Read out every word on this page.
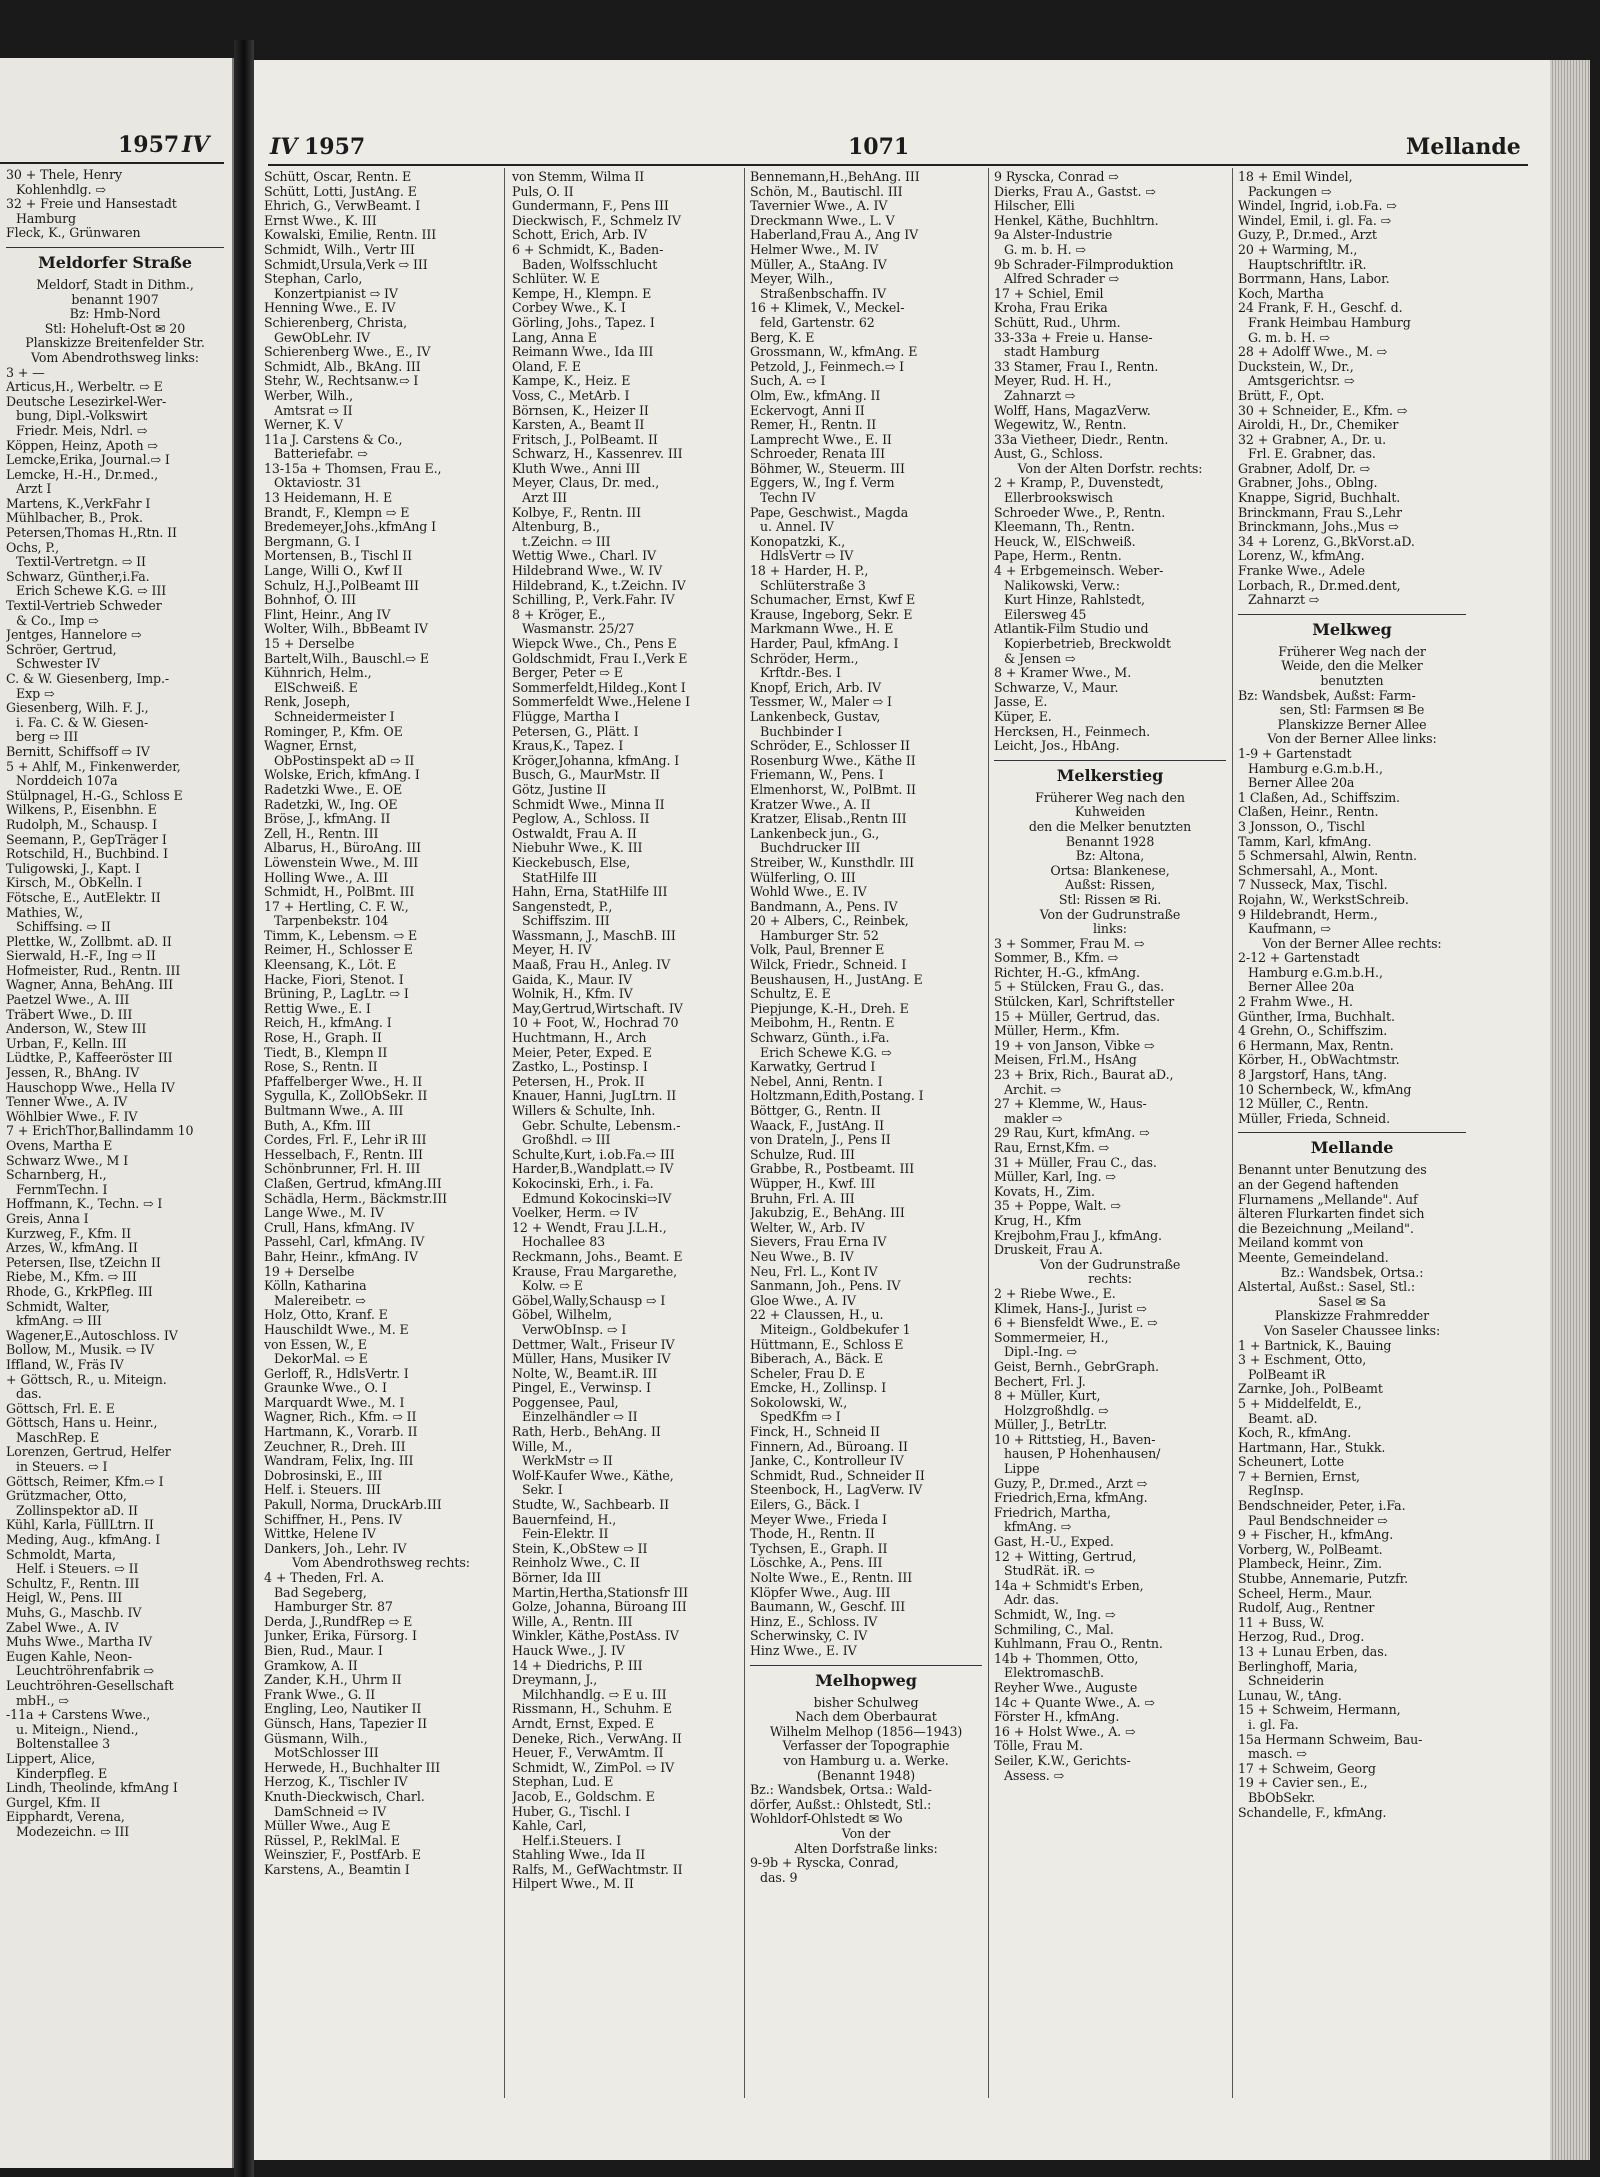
1957 IV
30 + Thele, Henry
Kohlenhdlg. ⇨
32 + Freie und Hansestadt
Hamburg
Fleck, K., Grünwaren
Meldorfer Straße
Meldorf, Stadt in Dithm.,
benannt 1907
Bz: Hmb-Nord
Stl: Hoheluft-Ost ✉ 20
Planskizze Breitenfelder Str.
Vom Abendrothsweg links:
3 + —
Articus,H., Werbeltr. ⇨ E
Deutsche Lesezirkel-Wer-
bung, Dipl.-Volkswirt
Friedr. Meis, Ndrl. ⇨
Köppen, Heinz, Apoth ⇨
Lemcke,Erika, Journal.⇨ I
Lemcke, H.-H., Dr.med.,
Arzt I
Martens, K.,VerkFahr I
Mühlbacher, B., Prok.
Petersen,Thomas H.,Rtn. II
Ochs, P.,
Textil-Vertretgn. ⇨ II
Schwarz, Günther,i.Fa.
Erich Schewe K.G. ⇨ III
Textil-Vertrieb Schweder
& Co., Imp ⇨
Jentges, Hannelore ⇨
Schröer, Gertrud,
Schwester IV
C. & W. Giesenberg, Imp.-
Exp ⇨
Giesenberg, Wilh. F. J.,
i. Fa. C. & W. Giesen-
berg ⇨ III
Bernitt, Schiffsoff ⇨ IV
5 + Ahlf, M., Finkenwerder,
Norddeich 107a
Stülpnagel, H.-G., Schloss E
Wilkens, P., Eisenbhn. E
Rudolph, M., Schausp. I
Seemann, P., GepTräger I
Rotschild, H., Buchbind. I
Tuligowski, J., Kapt. I
Kirsch, M., ObKelln. I
Fötsche, E., AutElektr. II
Mathies, W.,
Schiffsing. ⇨ II
Plettke, W., Zollbmt. aD. II
Sierwald, H.-F., Ing ⇨ II
Hofmeister, Rud., Rentn. III
Wagner, Anna, BehAng. III
Paetzel Wwe., A. III
Träbert Wwe., D. III
Anderson, W., Stew III
Urban, F., Kelln. III
Lüdtke, P., Kaffeeröster III
Jessen, R., BhAng. IV
Hauschopp Wwe., Hella IV
Tenner Wwe., A. IV
Wöhlbier Wwe., F. IV
7 + ErichThor,Ballindamm 10
Ovens, Martha E
Schwarz Wwe., M I
Scharnberg, H.,
FernmTechn. I
Hoffmann, K., Techn. ⇨ I
Greis, Anna I
Kurzweg, F., Kfm. II
Arzes, W., kfmAng. II
Petersen, Ilse, tZeichn II
Riebe, M., Kfm. ⇨ III
Rhode, G., KrkPfleg. III
Schmidt, Walter,
kfmAng. ⇨ III
Wagener,E.,Autoschloss. IV
Bollow, M., Musik. ⇨ IV
Iffland, W., Fräs IV
+ Göttsch, R., u. Miteign.
das.
Göttsch, Frl. E. E
Göttsch, Hans u. Heinr.,
MaschRep. E
Lorenzen, Gertrud, Helfer
in Steuers. ⇨ I
Göttsch, Reimer, Kfm.⇨ I
Grützmacher, Otto,
Zollinspektor aD. II
Kühl, Karla, FüllLtrn. II
Meding, Aug., kfmAng. I
Schmoldt, Marta,
Helf. i Steuers. ⇨ II
Schultz, F., Rentn. III
Heigl, W., Pens. III
Muhs, G., Maschb. IV
Zabel Wwe., A. IV
Muhs Wwe., Martha IV
Eugen Kahle, Neon-
Leuchtröhrenfabrik ⇨
Leuchtröhren-Gesellschaft
mbH., ⇨
-11a + Carstens Wwe.,
u. Miteign., Niend.,
Boltenstallee 3
Lippert, Alice,
Kinderpfleg. E
Lindh, Theolinde, kfmAng I
Gurgel, Kfm. II
Eipphardt, Verena,
Modezeichn. ⇨ III
IV 1957	1071	Mellande
Schütt, Oscar, Rentn. E
Schütt, Lotti, JustAng. E
Ehrich, G., VerwBeamt. I
Ernst Wwe., K. III
Kowalski, Emilie, Rentn. III
Schmidt, Wilh., Vertr III
Schmidt,Ursula,Verk ⇨ III
Stephan, Carlo,
Konzertpianist ⇨ IV
Henning Wwe., E. IV
Schierenberg, Christa,
GewObLehr. IV
Schierenberg Wwe., E., IV
Schmidt, Alb., BkAng. III
Stehr, W., Rechtsanw.⇨ I
Werber, Wilh.,
Amtsrat ⇨ II
Werner, K. V
11a J. Carstens & Co.,
Batteriefabr. ⇨
13-15a + Thomsen, Frau E.,
Oktaviostr. 31
13 Heidemann, H. E
Brandt, F., Klempn ⇨ E
Bredemeyer,Johs.,kfmAng I
Bergmann, G. I
Mortensen, B., Tischl II
Lange, Willi O., Kwf II
Schulz, H.J.,PolBeamt III
Bohnhof, O. III
Flint, Heinr., Ang IV
Wolter, Wilh., BbBeamt IV
15 + Derselbe
Bartelt,Wilh., Bauschl.⇨ E
Kühnrich, Helm.,
ElSchweiß. E
Renk, Joseph,
Schneidermeister I
Rominger, P., Kfm. OE
Wagner, Ernst,
ObPostinspekt aD ⇨ II
Wolske, Erich, kfmAng. I
Radetzki Wwe., E. OE
Radetzki, W., Ing. OE
Bröse, J., kfmAng. II
Zell, H., Rentn. III
Albarus, H., BüroAng. III
Löwenstein Wwe., M. III
Holling Wwe., A. III
Schmidt, H., PolBmt. III
17 + Hertling, C. F. W.,
Tarpenbekstr. 104
Timm, K., Lebensm. ⇨ E
Reimer, H., Schlosser E
Kleensang, K., Löt. E
Hacke, Fiori, Stenot. I
Brüning, P., LagLtr. ⇨ I
Rettig Wwe., E. I
Reich, H., kfmAng. I
Rose, H., Graph. II
Tiedt, B., Klempn II
Rose, S., Rentn. II
Pfaffelberger Wwe., H. II
Sygulla, K., ZollObSekr. II
Bultmann Wwe., A. III
Buth, A., Kfm. III
Cordes, Frl. F., Lehr iR III
Hesselbach, F., Rentn. III
Schönbrunner, Frl. H. III
Claßen, Gertrud, kfmAng.III
Schädla, Herm., Bäckmstr.III
Lange Wwe., M. IV
Crull, Hans, kfmAng. IV
Passehl, Carl, kfmAng. IV
Bahr, Heinr., kfmAng. IV
19 + Derselbe
Kölln, Katharina
Malereibetr. ⇨
Holz, Otto, Kranf. E
Hauschildt Wwe., M. E
von Essen, W., E
DekorMal. ⇨ E
Gerloff, R., HdlsVertr. I
Graunke Wwe., O. I
Marquardt Wwe., M. I
Wagner, Rich., Kfm. ⇨ II
Hartmann, K., Vorarb. II
Zeuchner, R., Dreh. III
Wandram, Felix, Ing. III
Dobrosinski, E., III
Helf. i. Steuers. III
Pakull, Norma, DruckArb.III
Schiffner, H., Pens. IV
Wittke, Helene IV
Dankers, Joh., Lehr. IV
Vom Abendrothsweg rechts:
4 + Theden, Frl. A.
Bad Segeberg,
Hamburger Str. 87
Derda, J.,RundfRep ⇨ E
Junker, Erika, Fürsorg. I
Bien, Rud., Maur. I
Gramkow, A. II
Zander, K.H., Uhrm II
Frank Wwe., G. II
Engling, Leo, Nautiker II
Günsch, Hans, Tapezier II
Güsmann, Wilh.,
MotSchlosser III
Herwede, H., Buchhalter III
Herzog, K., Tischler IV
Knuth-Dieckwisch, Charl.
DamSchneid ⇨ IV
Müller Wwe., Aug E
Rüssel, P., ReklMal. E
Weinszier, F., PostfArb. E
Karstens, A., Beamtin I
von Stemm, Wilma II
Puls, O. II
Gundermann, F., Pens III
Dieckwisch, F., Schmelz IV
Schott, Erich, Arb. IV
6 + Schmidt, K., Baden-
Baden, Wolfsschlucht
Schlüter. W. E
Kempe, H., Klempn. E
Corbey Wwe., K. I
Görling, Johs., Tapez. I
Lang, Anna E
Reimann Wwe., Ida III
Oland, F. E
Kampe, K., Heiz. E
Voss, C., MetArb. I
Börnsen, K., Heizer II
Karsten, A., Beamt II
Fritsch, J., PolBeamt. II
Schwarz, H., Kassenrev. III
Kluth Wwe., Anni III
Meyer, Claus, Dr. med.,
Arzt III
Kolbye, F., Rentn. III
Altenburg, B.,
t.Zeichn. ⇨ III
Wettig Wwe., Charl. IV
Hildebrand Wwe., W. IV
Hildebrand, K., t.Zeichn. IV
Schilling, P., Verk.Fahr. IV
8 + Kröger, E.,
Wasmanstr. 25/27
Wiepck Wwe., Ch., Pens E
Goldschmidt, Frau I.,Verk E
Berger, Peter ⇨ E
Sommerfeldt,Hildeg.,Kont I
Sommerfeldt Wwe.,Helene I
Flügge, Martha I
Petersen, G., Plätt. I
Kraus,K., Tapez. I
Kröger,Johanna, kfmAng. I
Busch, G., MaurMstr. II
Götz, Justine II
Schmidt Wwe., Minna II
Peglow, A., Schloss. II
Ostwaldt, Frau A. II
Niebuhr Wwe., K. III
Kieckebusch, Else,
StatHilfe III
Hahn, Erna, StatHilfe III
Sangenstedt, P.,
Schiffszim. III
Wassmann, J., MaschB. III
Meyer, H. IV
Maaß, Frau H., Anleg. IV
Gaida, K., Maur. IV
Wolnik, H., Kfm. IV
May,Gertrud,Wirtschaft. IV
10 + Foot, W., Hochrad 70
Huchtmann, H., Arch
Meier, Peter, Exped. E
Zastko, L., Postinsp. I
Petersen, H., Prok. II
Knauer, Hanni, JugLtrn. II
Willers & Schulte, Inh.
Gebr. Schulte, Lebensm.-
Großhdl. ⇨ III
Schulte,Kurt, i.ob.Fa.⇨ III
Harder,B.,Wandplatt.⇨ IV
Kokocinski, Erh., i. Fa.
Edmund Kokocinski⇨IV
Voelker, Herm. ⇨ IV
12 + Wendt, Frau J.L.H.,
Hochallee 83
Reckmann, Johs., Beamt. E
Krause, Frau Margarethe,
Kolw. ⇨ E
Göbel,Wally,Schausp ⇨ I
Göbel, Wilhelm,
VerwObInsp. ⇨ I
Dettmer, Walt., Friseur IV
Müller, Hans, Musiker IV
Nolte, W., Beamt.iR. III
Pingel, E., Verwinsp. I
Poggensee, Paul,
Einzelhändler ⇨ II
Rath, Herb., BehAng. II
Wille, M.,
WerkMstr ⇨ II
Wolf-Kaufer Wwe., Käthe,
Sekr. I
Studte, W., Sachbearb. II
Bauernfeind, H.,
Fein-Elektr. II
Stein, K.,ObStew ⇨ II
Reinholz Wwe., C. II
Börner, Ida III
Martin,Hertha,Stationsfr III
Golze, Johanna, Büroang III
Wille, A., Rentn. III
Winkler, Käthe,PostAss. IV
Hauck Wwe., J. IV
14 + Diedrichs, P. III
Dreymann, J.,
Milchhandlg. ⇨ E u. III
Rissmann, H., Schuhm. E
Arndt, Ernst, Exped. E
Deneke, Rich., VerwAng. II
Heuer, F., VerwAmtm. II
Schmidt, W., ZimPol. ⇨ IV
Stephan, Lud. E
Jacob, E., Goldschm. E
Huber, G., Tischl. I
Kahle, Carl,
Helf.i.Steuers. I
Stahling Wwe., Ida II
Ralfs, M., GefWachtmstr. II
Hilpert Wwe., M. II
Bennemann,H.,BehAng. III
Schön, M., Bautischl. III
Tavernier Wwe., A. IV
Dreckmann Wwe., L. V
Haberland,Frau A., Ang IV
Helmer Wwe., M. IV
Müller, A., StaAng. IV
Meyer, Wilh.,
Straßenbschaffn. IV
16 + Klimek, V., Meckel-
feld, Gartenstr. 62
Berg, K. E
Grossmann, W., kfmAng. E
Petzold, J., Feinmech.⇨ I
Such, A. ⇨ I
Olm, Ew., kfmAng. II
Eckervogt, Anni II
Remer, H., Rentn. II
Lamprecht Wwe., E. II
Schroeder, Renata III
Böhmer, W., Steuerm. III
Eggers, W., Ing f. Verm
Techn IV
Pape, Geschwist., Magda
u. Annel. IV
Konopatzki, K.,
HdlsVertr ⇨ IV
18 + Harder, H. P.,
Schlüterstraße 3
Schumacher, Ernst, Kwf E
Krause, Ingeborg, Sekr. E
Markmann Wwe., H. E
Harder, Paul, kfmAng. I
Schröder, Herm.,
Krftdr.-Bes. I
Knopf, Erich, Arb. IV
Tessmer, W., Maler ⇨ I
Lankenbeck, Gustav,
Buchbinder I
Schröder, E., Schlosser II
Rosenburg Wwe., Käthe II
Friemann, W., Pens. I
Elmenhorst, W., PolBmt. II
Kratzer Wwe., A. II
Kratzer, Elisab.,Rentn III
Lankenbeck jun., G.,
Buchdrucker III
Streiber, W., Kunsthdlr. III
Wülferling, O. III
Wohld Wwe., E. IV
Bandmann, A., Pens. IV
20 + Albers, C., Reinbek,
Hamburger Str. 52
Volk, Paul, Brenner E
Wilck, Friedr., Schneid. I
Beushausen, H., JustAng. E
Schultz, E. E
Piepjunge, K.-H., Dreh. E
Meibohm, H., Rentn. E
Schwarz, Günth., i.Fa.
Erich Schewe K.G. ⇨
Karwatky, Gertrud I
Nebel, Anni, Rentn. I
Holtzmann,Edith,Postang. I
Böttger, G., Rentn. II
Waack, F., JustAng. II
von Drateln, J., Pens II
Schulze, Rud. III
Grabbe, R., Postbeamt. III
Wüpper, H., Kwf. III
Bruhn, Frl. A. III
Jakubzig, E., BehAng. III
Welter, W., Arb. IV
Sievers, Frau Erna IV
Neu Wwe., B. IV
Neu, Frl. L., Kont IV
Sanmann, Joh., Pens. IV
Gloe Wwe., A. IV
22 + Claussen, H., u.
Miteign., Goldbekufer 1
Hüttmann, E., Schloss E
Biberach, A., Bäck. E
Scheler, Frau D. E
Emcke, H., Zollinsp. I
Sokolowski, W.,
SpedKfm ⇨ I
Finck, H., Schneid II
Finnern, Ad., Büroang. II
Janke, C., Kontrolleur IV
Schmidt, Rud., Schneider II
Steenbock, H., LagVerw. IV
Eilers, G., Bäck. I
Meyer Wwe., Frieda I
Thode, H., Rentn. II
Tychsen, E., Graph. II
Löschke, A., Pens. III
Nolte Wwe., E., Rentn. III
Klöpfer Wwe., Aug. III
Baumann, W., Geschf. III
Hinz, E., Schloss. IV
Scherwinsky, C. IV
Hinz Wwe., E. IV
Melhopweg
bisher Schulweg
Nach dem Oberbaurat
Wilhelm Melhop (1856—1943)
Verfasser der Topographie
von Hamburg u. a. Werke.
(Benannt 1948)
Bz.: Wandsbek, Ortsa.: Wald-
dörfer, Außst.: Ohlstedt, Stl.:
Wohldorf-Ohlstedt ✉ Wo
Von der
Alten Dorfstraße links:
9-9b + Ryscka, Conrad,
das. 9
9 Ryscka, Conrad ⇨
Dierks, Frau A., Gastst. ⇨
Hilscher, Elli
Henkel, Käthe, Buchhltrn.
9a Alster-Industrie
G. m. b. H. ⇨
9b Schrader-Filmproduktion
Alfred Schrader ⇨
17 + Schiel, Emil
Kroha, Frau Erika
Schütt, Rud., Uhrm.
33-33a + Freie u. Hanse-
stadt Hamburg
33 Stamer, Frau I., Rentn.
Meyer, Rud. H. H.,
Zahnarzt ⇨
Wolff, Hans, MagazVerw.
Wegewitz, W., Rentn.
33a Vietheer, Diedr., Rentn.
Aust, G., Schloss.
Von der Alten Dorfstr. rechts:
2 + Kramp, P., Duvenstedt,
Ellerbrookswisch
Schroeder Wwe., P., Rentn.
Kleemann, Th., Rentn.
Heuck, W., ElSchweiß.
Pape, Herm., Rentn.
4 + Erbgemeinsch. Weber-
Nalikowski, Verw.:
Kurt Hinze, Rahlstedt,
Eilersweg 45
Atlantik-Film Studio und
Kopierbetrieb, Breckwoldt
& Jensen ⇨
8 + Kramer Wwe., M.
Schwarze, V., Maur.
Jasse, E.
Küper, E.
Hercksen, H., Feinmech.
Leicht, Jos., HbAng.
Melkerstieg
Früherer Weg nach den
Kuhweiden
den die Melker benutzten
Benannt 1928
Bz: Altona,
Ortsa: Blankenese,
Außst: Rissen,
Stl: Rissen ✉ Ri.
Von der Gudrunstraße
links:
3 + Sommer, Frau M. ⇨
Sommer, B., Kfm. ⇨
Richter, H.-G., kfmAng.
5 + Stülcken, Frau G., das.
Stülcken, Karl, Schriftsteller
15 + Müller, Gertrud, das.
Müller, Herm., Kfm.
19 + von Janson, Vibke ⇨
Meisen, Frl.M., HsAng
23 + Brix, Rich., Baurat aD.,
Archit. ⇨
27 + Klemme, W., Haus-
makler ⇨
29 Rau, Kurt, kfmAng. ⇨
Rau, Ernst,Kfm. ⇨
31 + Müller, Frau C., das.
Müller, Karl, Ing. ⇨
Kovats, H., Zim.
35 + Poppe, Walt. ⇨
Krug, H., Kfm
Krejbohm,Frau J., kfmAng.
Druskeit, Frau A.
Von der Gudrunstraße
rechts:
2 + Riebe Wwe., E.
Klimek, Hans-J., Jurist ⇨
6 + Biensfeldt Wwe., E. ⇨
Sommermeier, H.,
Dipl.-Ing. ⇨
Geist, Bernh., GebrGraph.
Bechert, Frl. J.
8 + Müller, Kurt,
Holzgroßhdlg. ⇨
Müller, J., BetrLtr.
10 + Rittstieg, H., Baven-
hausen, P Hohenhausen/
Lippe
Guzy, P., Dr.med., Arzt ⇨
Friedrich,Erna, kfmAng.
Friedrich, Martha,
kfmAng. ⇨
Gast, H.-U., Exped.
12 + Witting, Gertrud,
StudRät. iR. ⇨
14a + Schmidt's Erben,
Adr. das.
Schmidt, W., Ing. ⇨
Schmiling, C., Mal.
Kuhlmann, Frau O., Rentn.
14b + Thommen, Otto,
ElektromaschB.
Reyher Wwe., Auguste
14c + Quante Wwe., A. ⇨
Förster H., kfmAng.
16 + Holst Wwe., A. ⇨
Tölle, Frau M.
Seiler, K.W., Gerichts-
Assess. ⇨
18 + Emil Windel,
Packungen ⇨
Windel, Ingrid, i.ob.Fa. ⇨
Windel, Emil, i. gl. Fa. ⇨
Guzy, P., Dr.med., Arzt
20 + Warming, M.,
Hauptschriftltr. iR.
Borrmann, Hans, Labor.
Koch, Martha
24 Frank, F. H., Geschf. d.
Frank Heimbau Hamburg
G. m. b. H. ⇨
28 + Adolff Wwe., M. ⇨
Duckstein, W., Dr.,
Amtsgerichtsr. ⇨
Brütt, F., Opt.
30 + Schneider, E., Kfm. ⇨
Airoldi, H., Dr., Chemiker
32 + Grabner, A., Dr. u.
Frl. E. Grabner, das.
Grabner, Adolf, Dr. ⇨
Grabner, Johs., Oblng.
Knappe, Sigrid, Buchhalt.
Brinckmann, Frau S.,Lehr
Brinckmann, Johs.,Mus ⇨
34 + Lorenz, G.,BkVorst.aD.
Lorenz, W., kfmAng.
Franke Wwe., Adele
Lorbach, R., Dr.med.dent,
Zahnarzt ⇨
Melkweg
Früherer Weg nach der
Weide, den die Melker
benutzten
Bz: Wandsbek, Außst: Farm-
sen, Stl: Farmsen ✉ Be
Planskizze Berner Allee
Von der Berner Allee links:
1-9 + Gartenstadt
Hamburg e.G.m.b.H.,
Berner Allee 20a
1 Claßen, Ad., Schiffszim.
Claßen, Heinr., Rentn.
3 Jonsson, O., Tischl
Tamm, Karl, kfmAng.
5 Schmersahl, Alwin, Rentn.
Schmersahl, A., Mont.
7 Nusseck, Max, Tischl.
Rojahn, W., WerkstSchreib.
9 Hildebrandt, Herm.,
Kaufmann, ⇨
Von der Berner Allee rechts:
2-12 + Gartenstadt
Hamburg e.G.m.b.H.,
Berner Allee 20a
2 Frahm Wwe., H.
Günther, Irma, Buchhalt.
4 Grehn, O., Schiffszim.
6 Hermann, Max, Rentn.
Körber, H., ObWachtmstr.
8 Jargstorf, Hans, tAng.
10 Schernbeck, W., kfmAng
12 Müller, C., Rentn.
Müller, Frieda, Schneid.
Mellande
Benannt unter Benutzung des
an der Gegend haftenden
Flurnamens „Mellande". Auf
älteren Flurkarten findet sich
die Bezeichnung „Meiland".
Meiland kommt von
Meente, Gemeindeland.
Bz.: Wandsbek, Ortsa.:
Alstertal, Außst.: Sasel, Stl.:
Sasel ✉ Sa
Planskizze Frahmredder
Von Saseler Chaussee links:
1 + Bartnick, K., Bauing
3 + Eschment, Otto,
PolBeamt iR
Zarnke, Joh., PolBeamt
5 + Middelfeldt, E.,
Beamt. aD.
Koch, R., kfmAng.
Hartmann, Har., Stukk.
Scheunert, Lotte
7 + Bernien, Ernst,
RegInsp.
Bendschneider, Peter, i.Fa.
Paul Bendschneider ⇨
9 + Fischer, H., kfmAng.
Vorberg, W., PolBeamt.
Plambeck, Heinr., Zim.
Stubbe, Annemarie, Putzfr.
Scheel, Herm., Maur.
Rudolf, Aug., Rentner
11 + Buss, W.
Herzog, Rud., Drog.
13 + Lunau Erben, das.
Berlinghoff, Maria,
Schneiderin
Lunau, W., tAng.
15 + Schweim, Hermann,
i. gl. Fa.
15a Hermann Schweim, Bau-
masch. ⇨
17 + Schweim, Georg
19 + Cavier sen., E.,
BbObSekr.
Schandelle, F., kfmAng.
